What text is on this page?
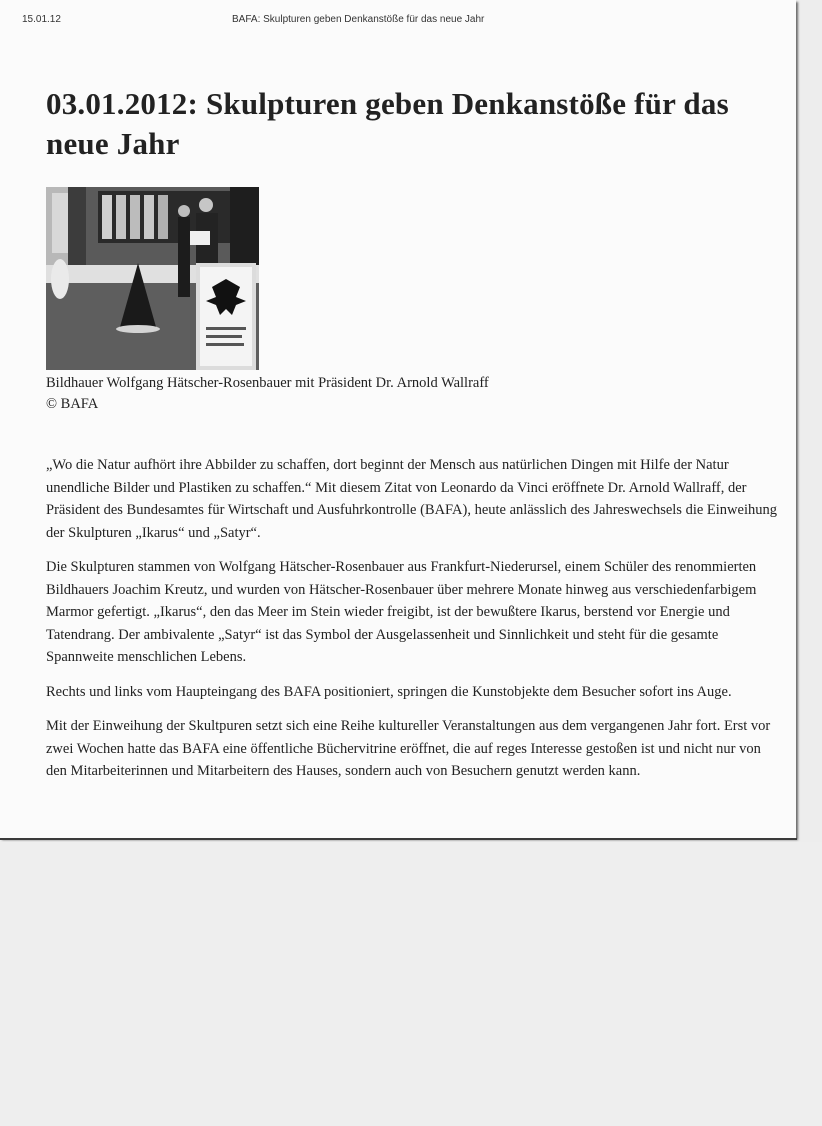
15.01.12	BAFA: Skulpturen geben Denkanstöße für das neue Jahr
03.01.2012: Skulpturen geben Denkanstöße für das neue Jahr
Bildhauer Wolfgang Hätscher-Rosenbauer mit Präsident Dr. Arnold Wallraff
© BAFA

„Wo die Natur aufhört ihre Abbilder zu schaffen, dort beginnt der Mensch aus natürlichen Dingen mit Hilfe der Natur unendliche Bilder und Plastiken zu schaffen.“ Mit diesem Zitat von Leonardo da Vinci eröffnete Dr. Arnold Wallraff, der Präsident des Bundesamtes für Wirtschaft und Ausfuhrkontrolle (BAFA), heute anlässlich des Jahreswechsels die Einweihung der Skulpturen „Ikarus“ und „Satyr“.

Die Skulpturen stammen von Wolfgang Hätscher-Rosenbauer aus Frankfurt-Niederursel, einem Schüler des renommierten Bildhauers Joachim Kreutz, und wurden von Hätscher-Rosenbauer über mehrere Monate hinweg aus verschiedenfarbigem Marmor gefertigt. „Ikarus“, den das Meer im Stein wieder freigibt, ist der bewußtere Ikarus, berstend vor Energie und Tatendrang. Der ambivalente „Satyr“ ist das Symbol der Ausgelassenheit und Sinnlichkeit und steht für die gesamte Spannweite menschlichen Lebens.

Rechts und links vom Haupteingang des BAFA positioniert, springen die Kunstobjekte dem Besucher sofort ins Auge.

Mit der Einweihung der Skultpuren setzt sich eine Reihe kultureller Veranstaltungen aus dem vergangenen Jahr fort. Erst vor zwei Wochen hatte das BAFA eine öffentliche Büchervitrine eröffnet, die auf reges Interesse gestoßen ist und nicht nur von den Mitarbeiterinnen und Mitarbeitern des Hauses, sondern auch von Besuchern genutzt werden kann.
